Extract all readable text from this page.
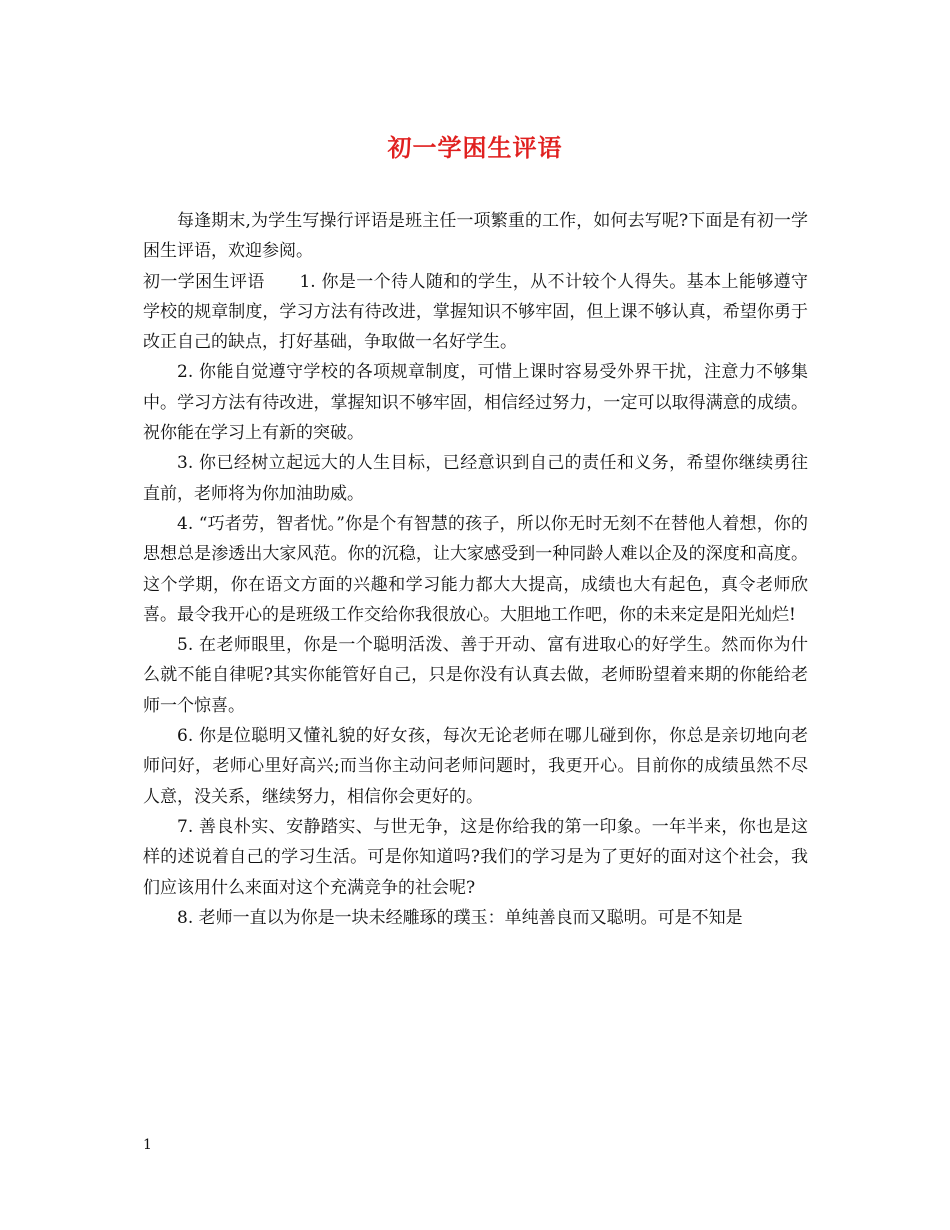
初一学困生评语

每逢期末,为学生写操行评语是班主任一项繁重的工作，如何去写呢?下面是有初一学困生评语，欢迎参阅。

初一学困生评语　　1. 你是一个待人随和的学生，从不计较个人得失。基本上能够遵守学校的规章制度，学习方法有待改进，掌握知识不够牢固，但上课不够认真，希望你勇于改正自己的缺点，打好基础，争取做一名好学生。

2. 你能自觉遵守学校的各项规章制度，可惜上课时容易受外界干扰，注意力不够集中。学习方法有待改进，掌握知识不够牢固，相信经过努力，一定可以取得满意的成绩。祝你能在学习上有新的突破。

3. 你已经树立起远大的人生目标，已经意识到自己的责任和义务，希望你继续勇往直前，老师将为你加油助威。

4. “巧者劳，智者忧。”你是个有智慧的孩子，所以你无时无刻不在替他人着想，你的思想总是渗透出大家风范。你的沉稳，让大家感受到一种同龄人难以企及的深度和高度。这个学期，你在语文方面的兴趣和学习能力都大大提高，成绩也大有起色，真令老师欣喜。最令我开心的是班级工作交给你我很放心。大胆地工作吧，你的未来定是阳光灿烂!

5. 在老师眼里，你是一个聪明活泼、善于开动、富有进取心的好学生。然而你为什么就不能自律呢?其实你能管好自己，只是你没有认真去做，老师盼望着来期的你能给老师一个惊喜。

6. 你是位聪明又懂礼貌的好女孩，每次无论老师在哪儿碰到你，你总是亲切地向老师问好，老师心里好高兴;而当你主动问老师问题时，我更开心。目前你的成绩虽然不尽人意，没关系，继续努力，相信你会更好的。

7. 善良朴实、安静踏实、与世无争，这是你给我的第一印象。一年半来，你也是这样的述说着自己的学习生活。可是你知道吗?我们的学习是为了更好的面对这个社会，我们应该用什么来面对这个充满竞争的社会呢?

8. 老师一直以为你是一块未经雕琢的璞玉：单纯善良而又聪明。可是不知是

1
